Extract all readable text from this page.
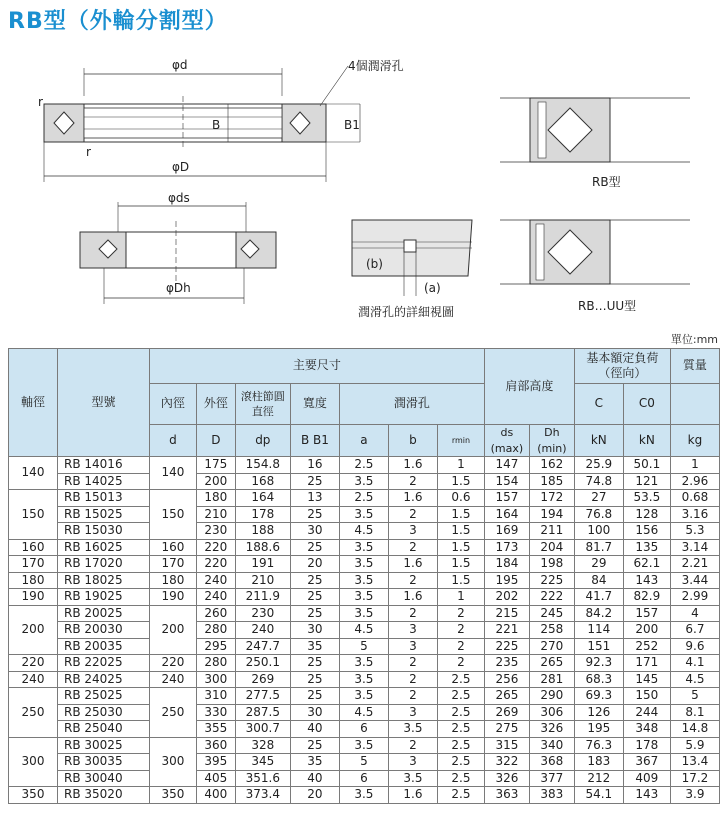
RB型（外輪分割型）
φd
B	B1
r
r
4個潤滑孔
φD
φds
φDh
(b)
(a)
潤滑孔的詳細視圖
RB型
RB…UU型
單位:mm
軸徑	型號	主要尺寸							肩部高度		基本額定負荷（徑向）		質量
		內徑	外徑	滾柱節圓直徑	寬度	潤滑孔					C	C0	
		d	D	dp	B B1	a	b	rmin	ds (max)	Dh (min)	kN	kN	kg
140	RB 14016	140	175	154.8	16	2.5	1.6	1	147	162	25.9	50.1	1
	RB 14025		200	168	25	3.5	2	1.5	154	185	74.8	121	2.96
150	RB 15013	150	180	164	13	2.5	1.6	0.6	157	172	27	53.5	0.68
	RB 15025		210	178	25	3.5	2	1.5	164	194	76.8	128	3.16
	RB 15030		230	188	30	4.5	3	1.5	169	211	100	156	5.3
160	RB 16025	160	220	188.6	25	3.5	2	1.5	173	204	81.7	135	3.14
170	RB 17020	170	220	191	20	3.5	1.6	1.5	184	198	29	62.1	2.21
180	RB 18025	180	240	210	25	3.5	2	1.5	195	225	84	143	3.44
190	RB 19025	190	240	211.9	25	3.5	1.6	1	202	222	41.7	82.9	2.99
200	RB 20025	200	260	230	25	3.5	2	2	215	245	84.2	157	4
	RB 20030		280	240	30	4.5	3	2	221	258	114	200	6.7
	RB 20035		295	247.7	35	5	3	2	225	270	151	252	9.6
220	RB 22025	220	280	250.1	25	3.5	2	2	235	265	92.3	171	4.1
240	RB 24025	240	300	269	25	3.5	2	2.5	256	281	68.3	145	4.5
250	RB 25025	250	310	277.5	25	3.5	2	2.5	265	290	69.3	150	5
	RB 25030		330	287.5	30	4.5	3	2.5	269	306	126	244	8.1
	RB 25040		355	300.7	40	6	3.5	2.5	275	326	195	348	14.8
300	RB 30025	300	360	328	25	3.5	2	2.5	315	340	76.3	178	5.9
	RB 30035		395	345	35	5	3	2.5	322	368	183	367	13.4
	RB 30040		405	351.6	40	6	3.5	2.5	326	377	212	409	17.2
350	RB 35020	350	400	373.4	20	3.5	1.6	2.5	363	383	54.1	143	3.9
